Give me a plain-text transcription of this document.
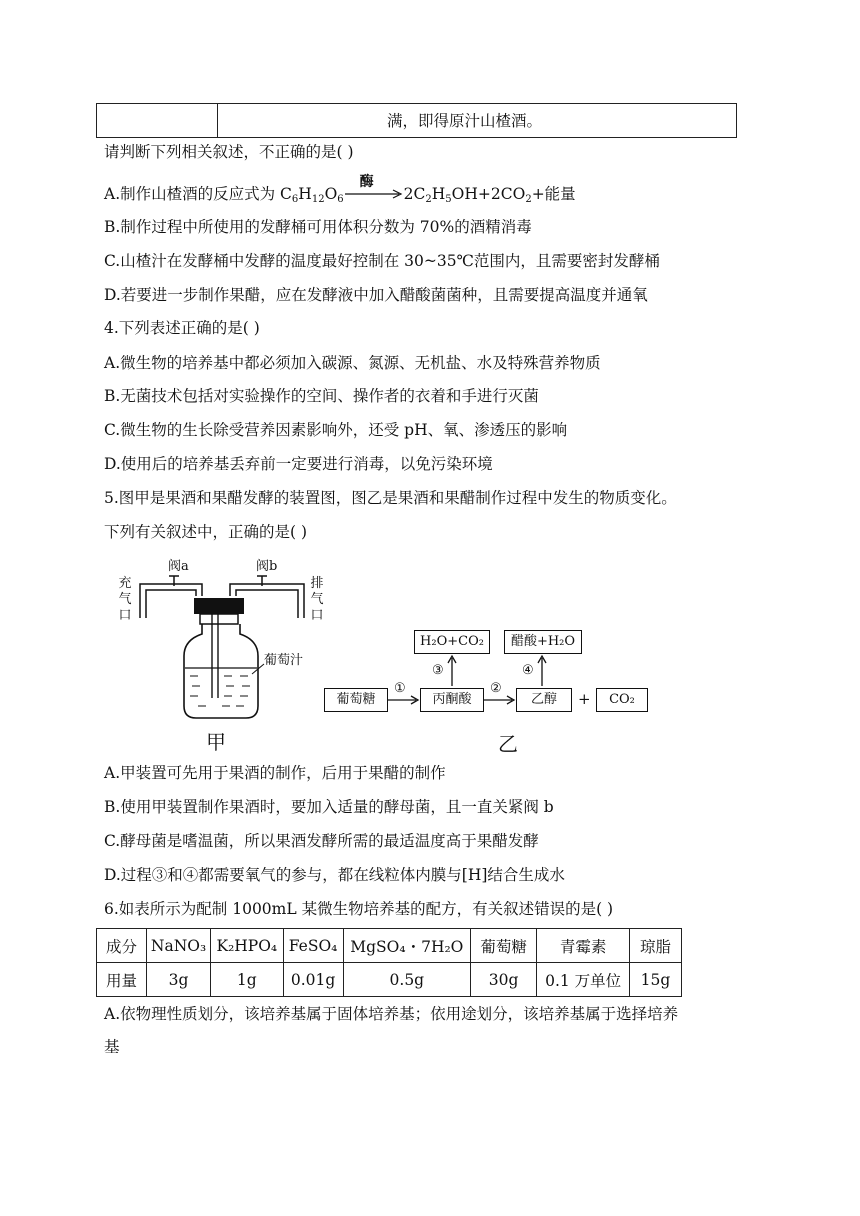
满，即得原汁山楂酒。
请判断下列相关叙述，不正确的是( )
A.制作山楂酒的反应式为 $C_6H_{12}O_6$
酶
$2C_2H_5OH+2CO_2+$能量
B.制作过程中所使用的发酵桶可用体积分数为 70%的酒精消毒
C.山楂汁在发酵桶中发酵的温度最好控制在 30~35℃范围内，且需要密封发酵桶
D.若要进一步制作果醋，应在发酵液中加入醋酸菌菌种，且需要提高温度并通氧
4.下列表述正确的是( )
A.微生物的培养基中都必须加入碳源、氮源、无机盐、水及特殊营养物质
B.无菌技术包括对实验操作的空间、操作者的衣着和手进行灭菌
C.微生物的生长除受营养因素影响外，还受 pH、氧、渗透压的影响
D.使用后的培养基丢弃前一定要进行消毒，以免污染环境
5.图甲是果酒和果醋发酵的装置图，图乙是果酒和果醋制作过程中发生的物质变化。
下列有关叙述中，正确的是( )
阀a	阀b
充
气
口
排
气
口
葡萄汁
甲
葡萄糖	丙酮酸	乙醇	CO₂
H₂O+CO₂	醋酸+H₂O
①	②
③	④
+
乙
A.甲装置可先用于果酒的制作，后用于果醋的制作
B.使用甲装置制作果酒时，要加入适量的酵母菌，且一直关紧阀 b
C.酵母菌是嗜温菌，所以果酒发酵所需的最适温度高于果醋发酵
D.过程③和④都需要氧气的参与，都在线粒体内膜与[H]结合生成水
6.如表所示为配制 1000mL 某微生物培养基的配方，有关叙述错误的是( )
成分	NaNO₃	K₂HPO₄	FeSO₄	MgSO₄・7H₂O	葡萄糖	青霉素	琼脂
用量	3g	1g	0.01g	0.5g	30g	0.1 万单位	15g
A.依物理性质划分，该培养基属于固体培养基；依用途划分，该培养基属于选择培养
基
